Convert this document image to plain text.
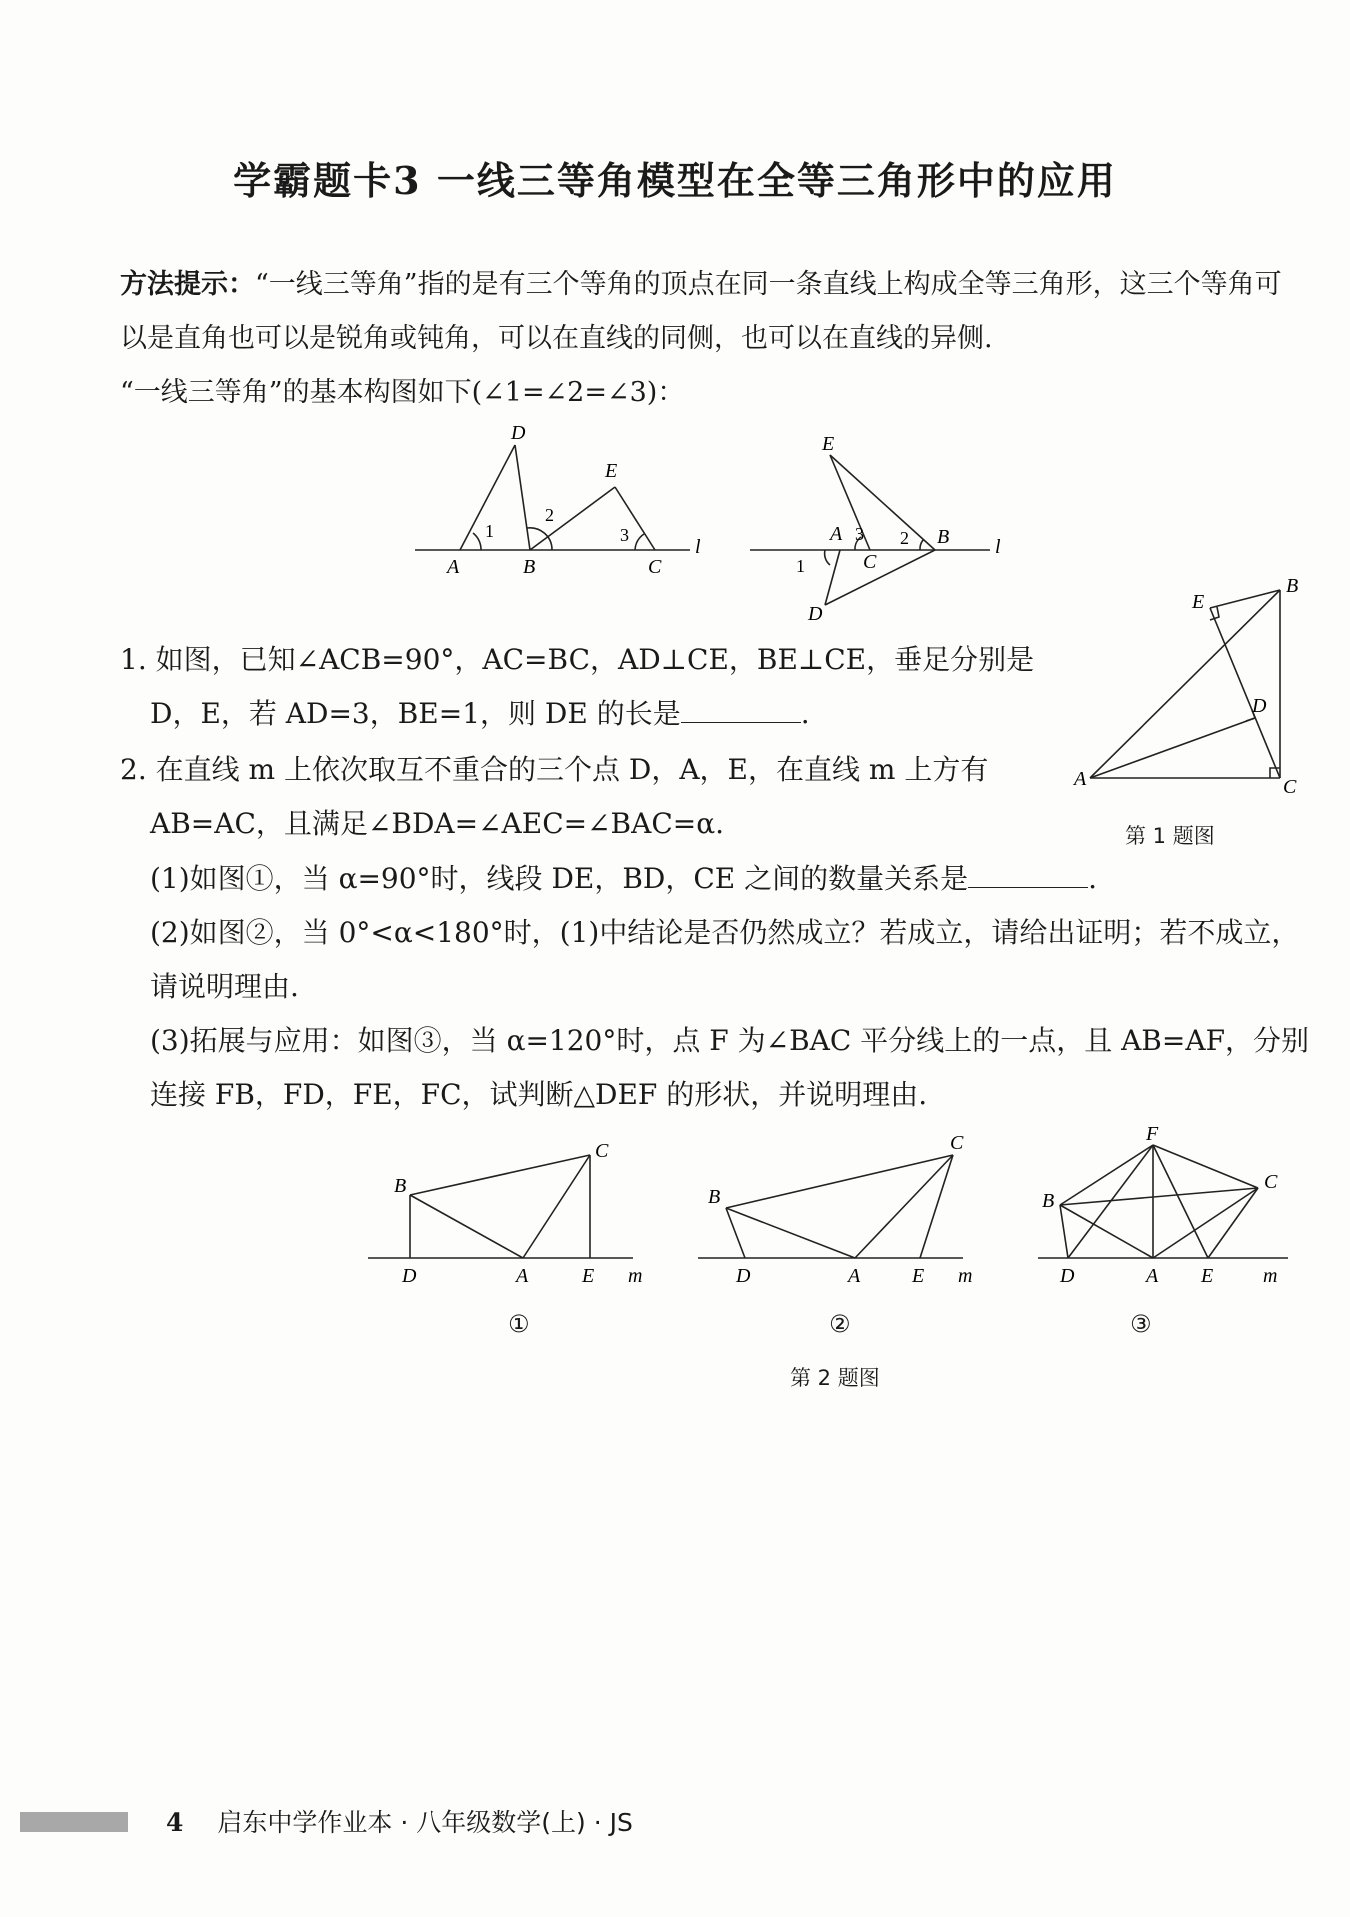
学霸题卡3 一线三等角模型在全等三角形中的应用
方法提示：“一线三等角”指的是有三个等角的顶点在同一条直线上构成全等三角形，这三个等角可以是直角也可以是锐角或钝角，可以在直线的同侧，也可以在直线的异侧.
“一线三等角”的基本构图如下(∠1=∠2=∠3)：
D
E
A	B	C
l
1
2
3
E
A	B
C
D
l
3 2
1
1. 如图，已知∠ACB=90°，AC=BC，AD⊥CE，BE⊥CE，垂足分别是
D，E，若 AD=3，BE=1，则 DE 的长是	.
E
B
D
A	C
第 1 题图
2. 在直线 m 上依次取互不重合的三个点 D，A，E，在直线 m 上方有
AB=AC，且满足∠BDA=∠AEC=∠BAC=α.
(1)如图①，当 α=90°时，线段 DE，BD，CE 之间的数量关系是	.
(2)如图②，当 0°<α<180°时，(1)中结论是否仍然成立？若成立，请给出证明；若不成立，请说明理由.
(3)拓展与应用：如图③，当 α=120°时，点 F 为∠BAC 平分线上的一点，且 AB=AF，分别连接 FB，FD，FE，FC，试判断△DEF 的形状，并说明理由.
B
C
D	A	E m
B
C
D	A	E m
F
B
C
D	A E m
①	②	③
第 2 题图
4 启东中学作业本 · 八年级数学(上) · JS
